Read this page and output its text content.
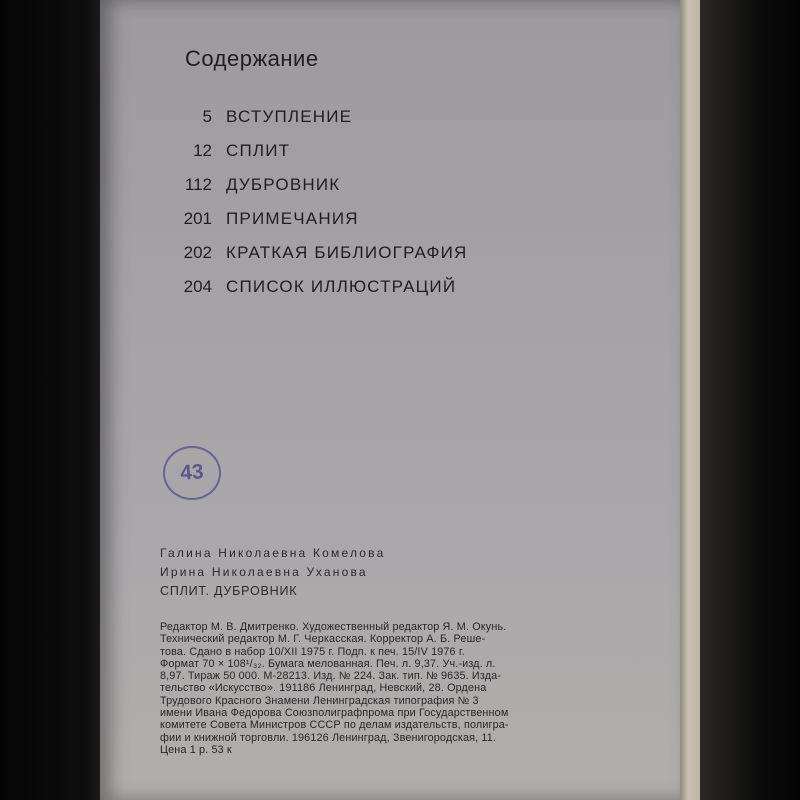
Содержание
5 ВСТУПЛЕНИЕ
12 СПЛИТ
112 ДУБРОВНИК
201 ПРИМЕЧАНИЯ
202 КРАТКАЯ БИБЛИОГРАФИЯ
204 СПИСОК ИЛЛЮСТРАЦИЙ
43
Галина Николаевна Комелова
Ирина Николаевна Уханова
СПЛИТ. ДУБРОВНИК
Редактор М. В. Дмитренко. Художественный редактор Я. М. Окунь.
Технический редактор М. Г. Черкасская. Корректор А. Б. Реше-
това. Сдано в набор 10/XII 1975 г. Подп. к печ. 15/IV 1976 г.
Формат 70 × 108¹/₃₂. Бумага мелованная. Печ. л. 9,37. Уч.-изд. л.
8,97. Тираж 50 000. М-28213. Изд. № 224. Зак. тип. № 9635. Изда-
тельство «Искусство». 191186 Ленинград, Невский, 28. Ордена
Трудового Красного Знамени Ленинградская типография № 3
имени Ивана Федорова Союзполиграфпрома при Государственном
комитете Совета Министров СССР по делам издательств, полигра-
фии и книжной торговли. 196126 Ленинград, Звенигородская, 11.
Цена 1 р. 53 к
